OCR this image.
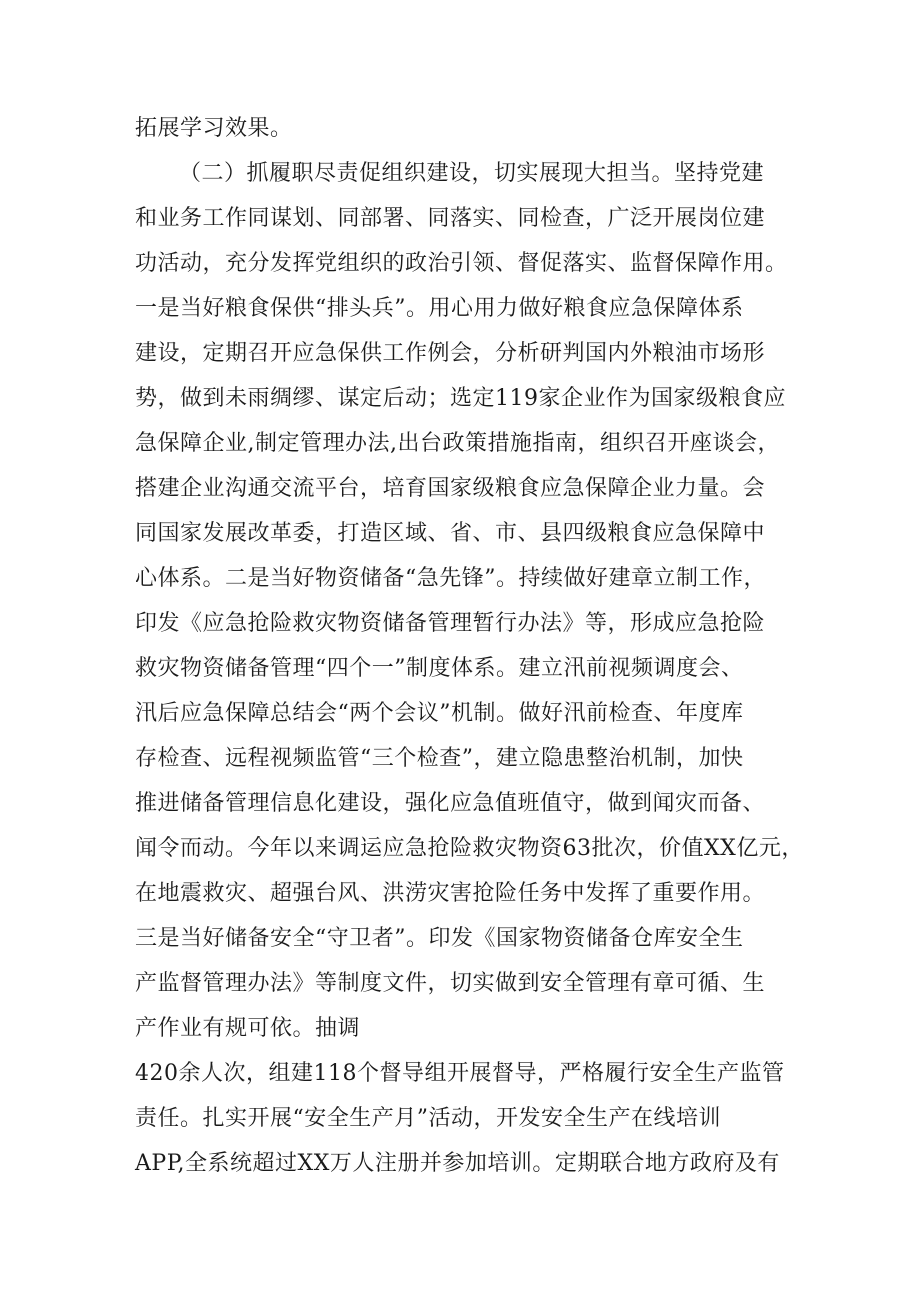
拓展学习效果。
（二）抓履职尽责促组织建设，切实展现大担当。坚持党建
和业务工作同谋划、同部署、同落实、同检查，广泛开展岗位建
功活动，充分发挥党组织的政治引领、督促落实、监督保障作用。
一是当好粮食保供“排头兵”。用心用力做好粮食应急保障体系
建设，定期召开应急保供工作例会，分析研判国内外粮油市场形
势，做到未雨绸缪、谋定后动；选定119家企业作为国家级粮食应
急保障企业,制定管理办法,出台政策措施指南，组织召开座谈会，
搭建企业沟通交流平台，培育国家级粮食应急保障企业力量。会
同国家发展改革委，打造区域、省、市、县四级粮食应急保障中
心体系。二是当好物资储备“急先锋”。持续做好建章立制工作，
印发《应急抢险救灾物资储备管理暂行办法》等，形成应急抢险
救灾物资储备管理“四个一”制度体系。建立汛前视频调度会、
汛后应急保障总结会“两个会议”机制。做好汛前检查、年度库
存检查、远程视频监管“三个检查”，建立隐患整治机制，加快
推进储备管理信息化建设，强化应急值班值守，做到闻灾而备、
闻令而动。今年以来调运应急抢险救灾物资63批次，价值XX亿元，
在地震救灾、超强台风、洪涝灾害抢险任务中发挥了重要作用。
三是当好储备安全“守卫者”。印发《国家物资储备仓库安全生
产监督管理办法》等制度文件，切实做到安全管理有章可循、生
产作业有规可依。抽调
420余人次，组建118个督导组开展督导，严格履行安全生产监管
责任。扎实开展“安全生产月”活动，开发安全生产在线培训
APP,全系统超过XX万人注册并参加培训。定期联合地方政府及有
